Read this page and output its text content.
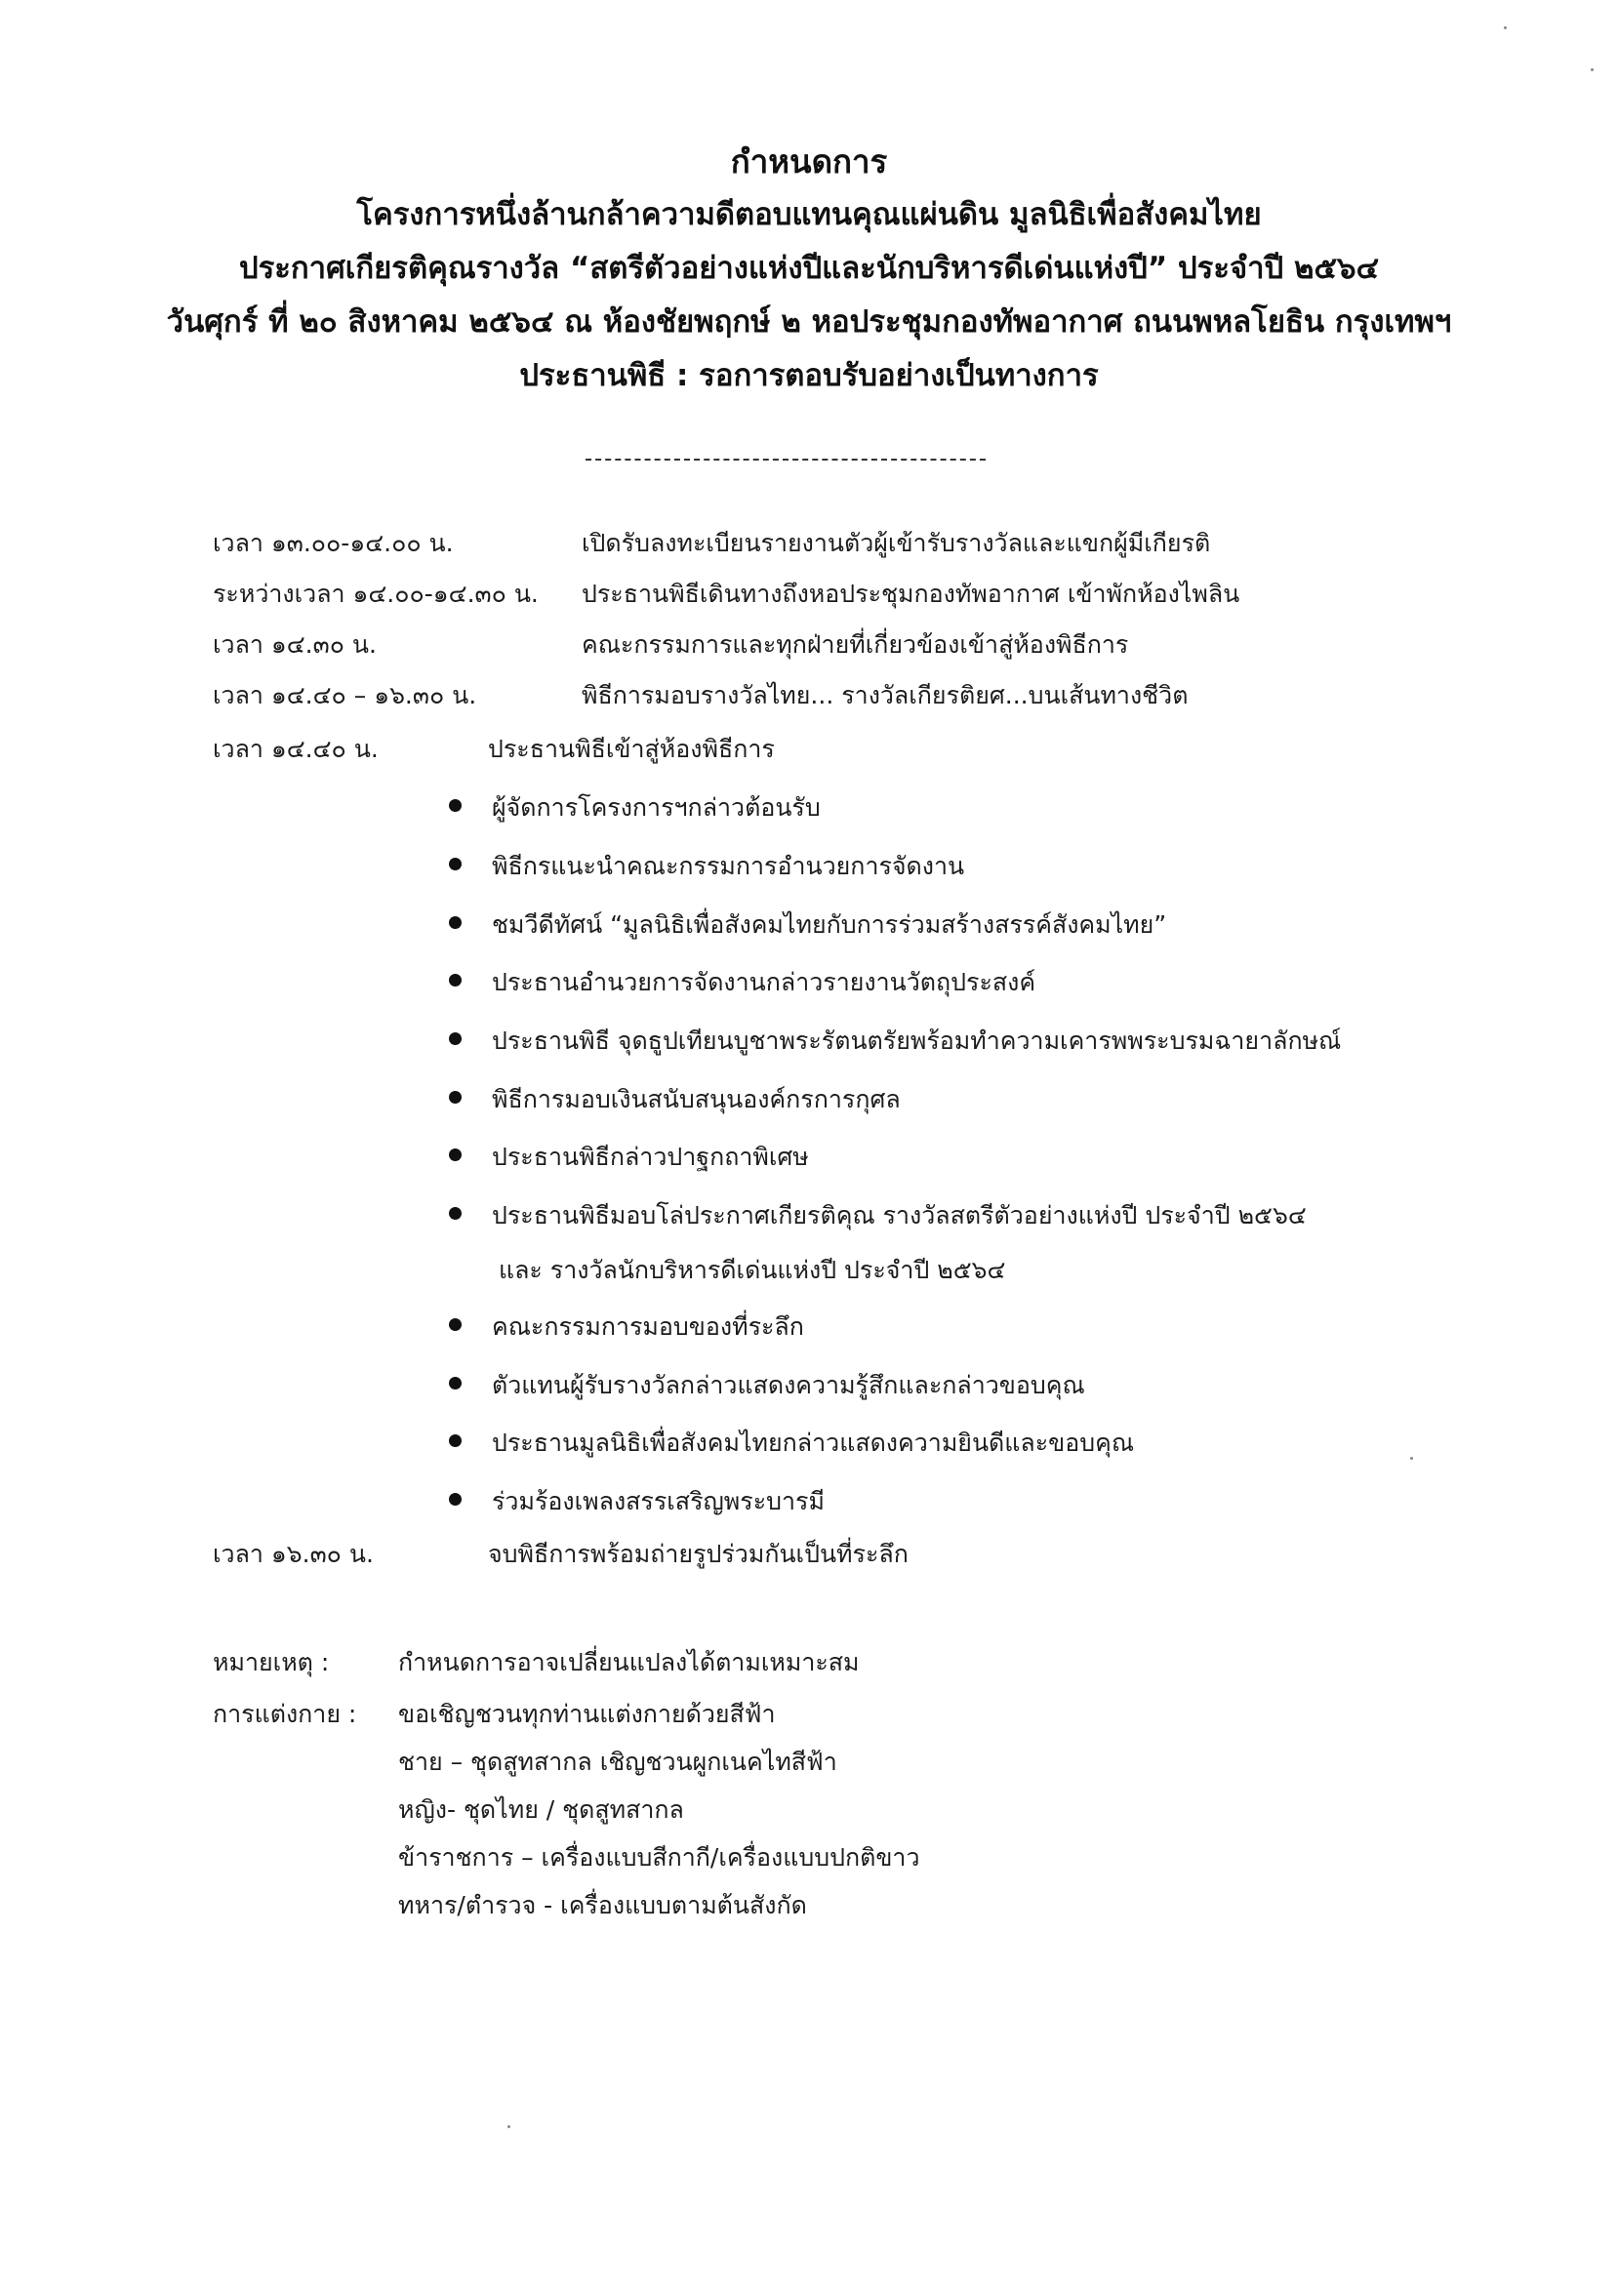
กำหนดการ
โครงการหนึ่งล้านกล้าความดีตอบแทนคุณแผ่นดิน มูลนิธิเพื่อสังคมไทย
ประกาศเกียรติคุณรางวัล “สตรีตัวอย่างแห่งปีและนักบริหารดีเด่นแห่งปี” ประจำปี ๒๕๖๔
วันศุกร์ ที่ ๒๐ สิงหาคม ๒๕๖๔ ณ ห้องชัยพฤกษ์ ๒ หอประชุมกองทัพอากาศ ถนนพหลโยธิน กรุงเทพฯ
ประธานพิธี : รอการตอบรับอย่างเป็นทางการ
เวลา ๑๓.๐๐-๑๔.๐๐ น.	เปิดรับลงทะเบียนรายงานตัวผู้เข้ารับรางวัลและแขกผู้มีเกียรติ
ระหว่างเวลา ๑๔.๐๐-๑๔.๓๐ น. ประธานพิธีเดินทางถึงหอประชุมกองทัพอากาศ เข้าพักห้องไพลิน
เวลา ๑๔.๓๐ น.	คณะกรรมการและทุกฝ่ายที่เกี่ยวข้องเข้าสู่ห้องพิธีการ
เวลา ๑๔.๔๐ – ๑๖.๓๐ น.	พิธีการมอบรางวัลไทย... รางวัลเกียรติยศ...บนเส้นทางชีวิต
เวลา ๑๔.๔๐ น.	ประธานพิธีเข้าสู่ห้องพิธีการ
ผู้จัดการโครงการฯกล่าวต้อนรับ
พิธีกรแนะนำคณะกรรมการอำนวยการจัดงาน
ชมวีดีทัศน์ “มูลนิธิเพื่อสังคมไทยกับการร่วมสร้างสรรค์สังคมไทย”
ประธานอำนวยการจัดงานกล่าวรายงานวัตถุประสงค์
ประธานพิธี จุดธูปเทียนบูชาพระรัตนตรัยพร้อมทำความเคารพพระบรมฉายาลักษณ์
พิธีการมอบเงินสนับสนุนองค์กรการกุศล
ประธานพิธีกล่าวปาฐกถาพิเศษ
ประธานพิธีมอบโล่ประกาศเกียรติคุณ รางวัลสตรีตัวอย่างแห่งปี ประจำปี ๒๕๖๔
และ รางวัลนักบริหารดีเด่นแห่งปี ประจำปี ๒๕๖๔
คณะกรรมการมอบของที่ระลึก
ตัวแทนผู้รับรางวัลกล่าวแสดงความรู้สึกและกล่าวขอบคุณ
ประธานมูลนิธิเพื่อสังคมไทยกล่าวแสดงความยินดีและขอบคุณ
ร่วมร้องเพลงสรรเสริญพระบารมี
เวลา ๑๖.๓๐ น.	จบพิธีการพร้อมถ่ายรูปร่วมกันเป็นที่ระลึก
หมายเหตุ :	กำหนดการอาจเปลี่ยนแปลงได้ตามเหมาะสม
การแต่งกาย : ขอเชิญชวนทุกท่านแต่งกายด้วยสีฟ้า
ชาย – ชุดสูทสากล เชิญชวนผูกเนคไทสีฟ้า
หญิง- ชุดไทย / ชุดสูทสากล
ข้าราชการ – เครื่องแบบสีกากี/เครื่องแบบปกติขาว
ทหาร/ตำรวจ - เครื่องแบบตามต้นสังกัด
